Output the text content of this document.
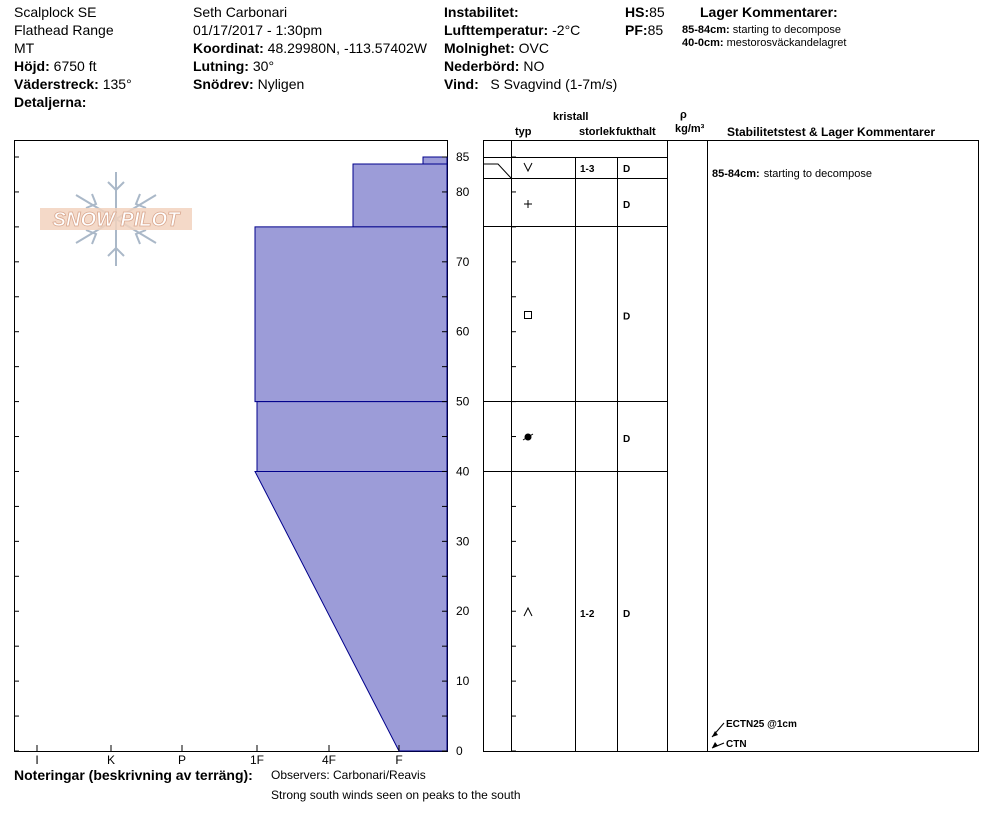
Scalplock SE
Flathead Range
MT
Höjd: 6750 ft
Väderstreck: 135°
Detaljerna:
Seth Carbonari
01/17/2017 - 1:30pm
Koordinat: 48.29980N, -113.57402W
Lutning: 30°
Snödrev: Nyligen
Instabilitet:
Lufttemperatur: -2°C
Molnighet: OVC
Nederbörd: NO
Vind: S Svagvind (1-7m/s)
HS:85
PF:85
Lager Kommentarer:
85-84cm: starting to decompose
40-0cm: mestorosväckandelagret
kristall
typ	storlek fukthalt
ρ
kg/m³ Stabilitetstest & Lager Kommentarer
SNOW PILOT
I	K	P	1F	4F	F
0
10
20
30
40
50
60
70
80
85
1-3	D
D
D
D
1-2	D
85-84cm: starting to decompose
ECTN25 @1cm
CTN
Noteringar (beskrivning av terräng): Observers: Carbonari/Reavis
Strong south winds seen on peaks to the south
